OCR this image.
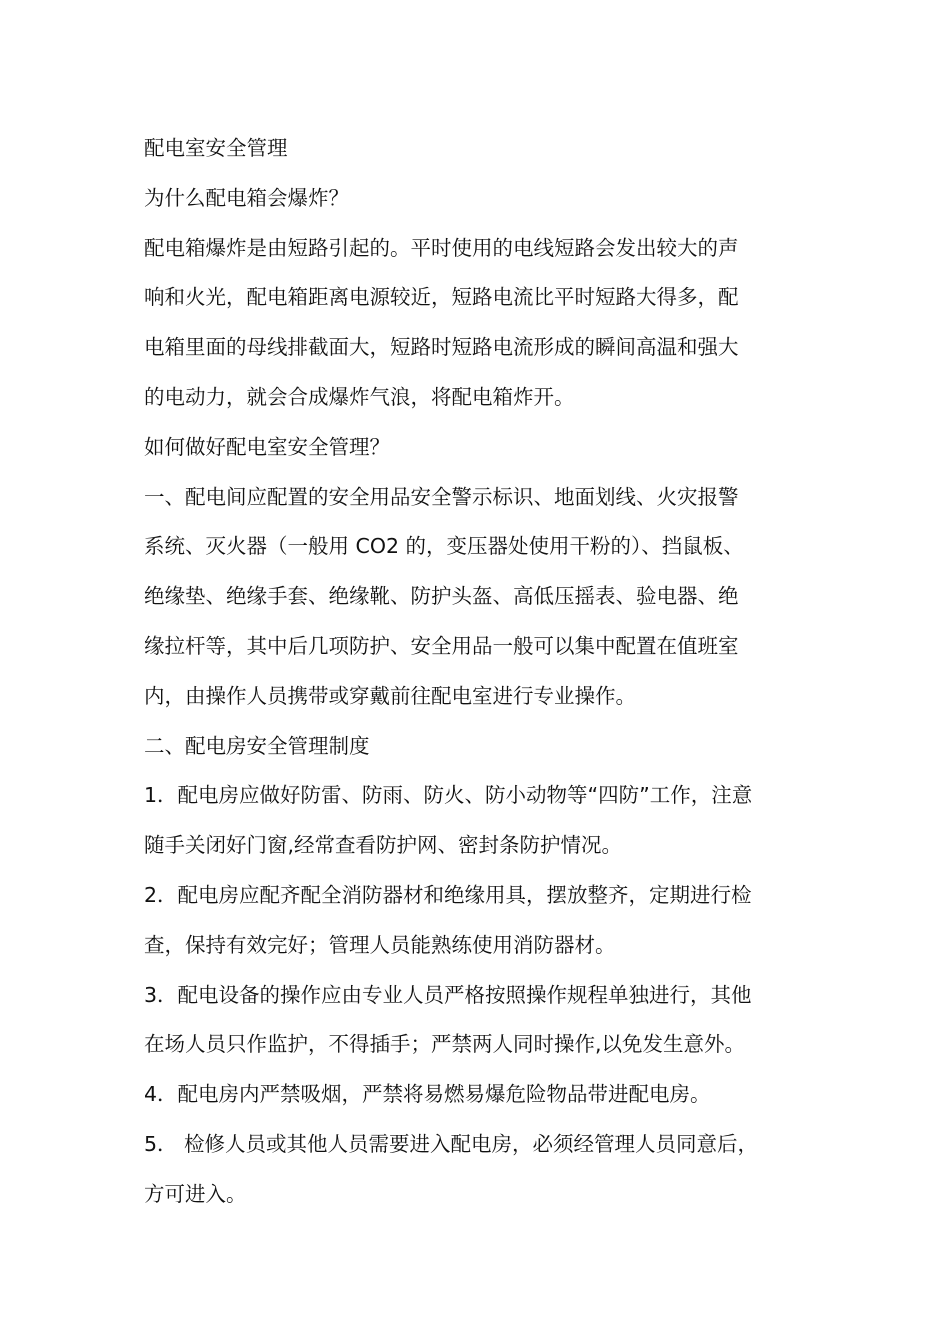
配电室安全管理

为什么配电箱会爆炸？

配电箱爆炸是由短路引起的。平时使用的电线短路会发出较大的声

响和火光，配电箱距离电源较近，短路电流比平时短路大得多，配

电箱里面的母线排截面大，短路时短路电流形成的瞬间高温和强大

的电动力，就会合成爆炸气浪，将配电箱炸开。

如何做好配电室安全管理？

一、配电间应配置的安全用品安全警示标识、地面划线、火灾报警

系统、灭火器（一般用 CO2 的，变压器处使用干粉的）、挡鼠板、

绝缘垫、绝缘手套、绝缘靴、防护头盔、高低压摇表、验电器、绝

缘拉杆等，其中后几项防护、安全用品一般可以集中配置在值班室

内，由操作人员携带或穿戴前往配电室进行专业操作。

二、配电房安全管理制度

1．配电房应做好防雷、防雨、防火、防小动物等“四防”工作，注意

随手关闭好门窗,经常查看防护网、密封条防护情况。

2．配电房应配齐配全消防器材和绝缘用具，摆放整齐，定期进行检

查，保持有效完好；管理人员能熟练使用消防器材。

3．配电设备的操作应由专业人员严格按照操作规程单独进行，其他

在场人员只作监护，不得插手；严禁两人同时操作,以免发生意外。

4．配电房内严禁吸烟，严禁将易燃易爆危险物品带进配电房。

5． 检修人员或其他人员需要进入配电房，必须经管理人员同意后，

方可进入。
